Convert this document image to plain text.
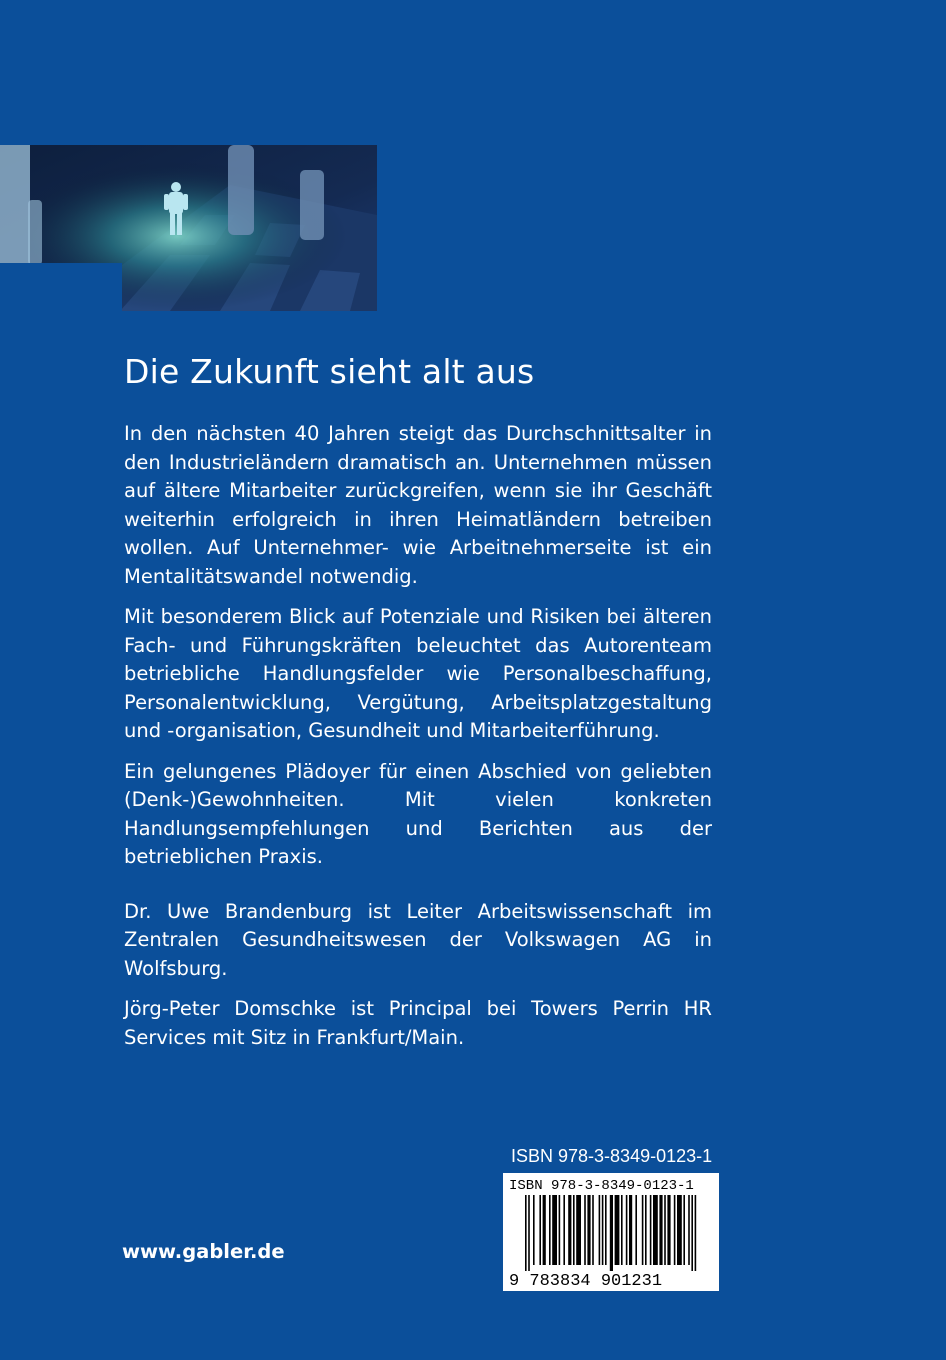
Die Zukunft sieht alt aus

In den nächsten 40 Jahren steigt das Durchschnittsalter in den Industrieländern dramatisch an. Unternehmen müssen auf ältere Mitarbeiter zurückgreifen, wenn sie ihr Geschäft weiterhin erfolgreich in ihren Heimatländern betreiben wollen. Auf Unternehmer- wie Arbeitnehmerseite ist ein Mentalitätswandel notwendig.

Mit besonderem Blick auf Potenziale und Risiken bei älteren Fach- und Führungskräften beleuchtet das Autorenteam betriebliche Handlungsfelder wie Personalbeschaffung, Personalentwicklung, Vergütung, Arbeitsplatzgestaltung und -organisation, Gesundheit und Mitarbeiterführung.

Ein gelungenes Plädoyer für einen Abschied von geliebten (Denk-)Gewohnheiten. Mit vielen konkreten Handlungsempfehlungen und Berichten aus der betrieblichen Praxis.

Dr. Uwe Brandenburg ist Leiter Arbeitswissenschaft im Zentralen Gesundheitswesen der Volkswagen AG in Wolfsburg.

Jörg-Peter Domschke ist Principal bei Towers Perrin HR Services mit Sitz in Frankfurt/Main.

ISBN 978-3-8349-0123-1
www.gabler.de
ISBN 978-3-8349-0123-1
9 783834 901231
